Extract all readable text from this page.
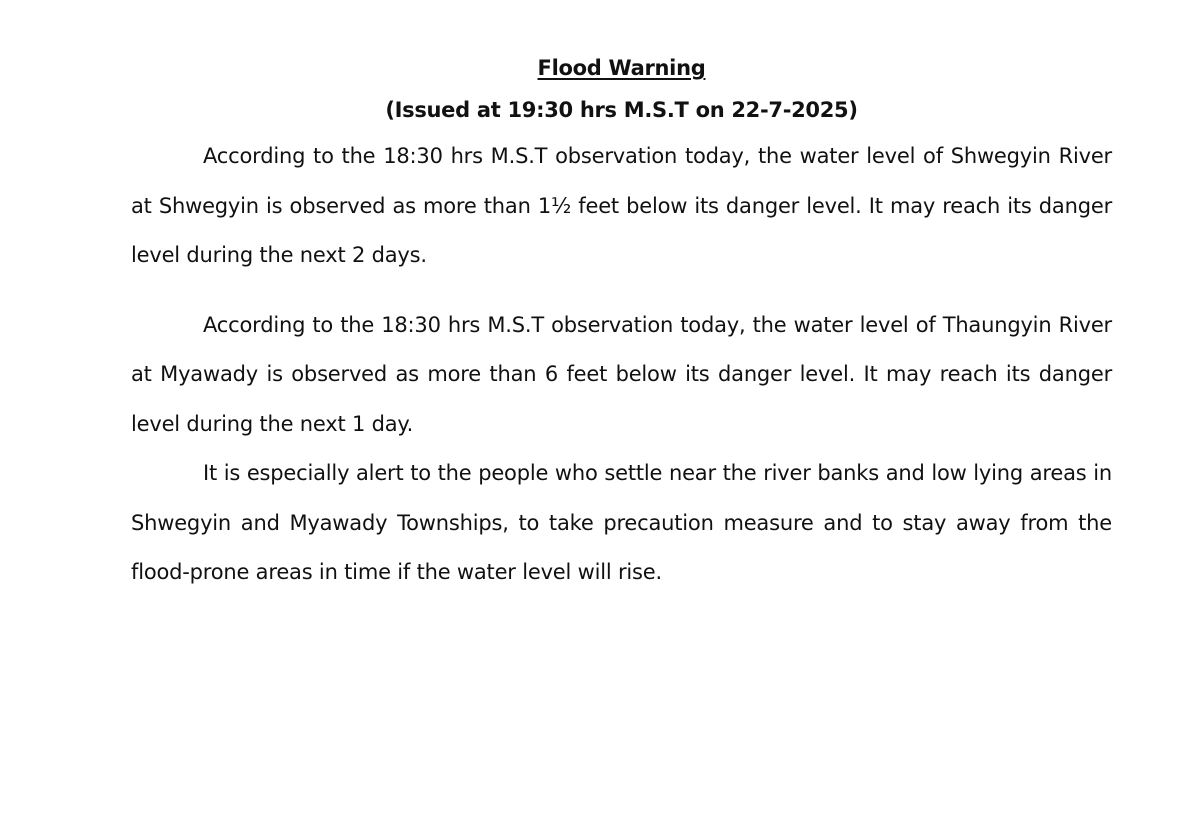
Flood Warning
(Issued at 19:30 hrs M.S.T on 22-7-2025)

According to the 18:30 hrs M.S.T observation today, the water level of Shwegyin River at Shwegyin is observed as more than 1½ feet below its danger level. It may reach its danger level during the next 2 days.

According to the 18:30 hrs M.S.T observation today, the water level of Thaungyin River at Myawady is observed as more than 6 feet below its danger level. It may reach its danger level during the next 1 day.

It is especially alert to the people who settle near the river banks and low lying areas in Shwegyin and Myawady Townships, to take precaution measure and to stay away from the flood-prone areas in time if the water level will rise.
